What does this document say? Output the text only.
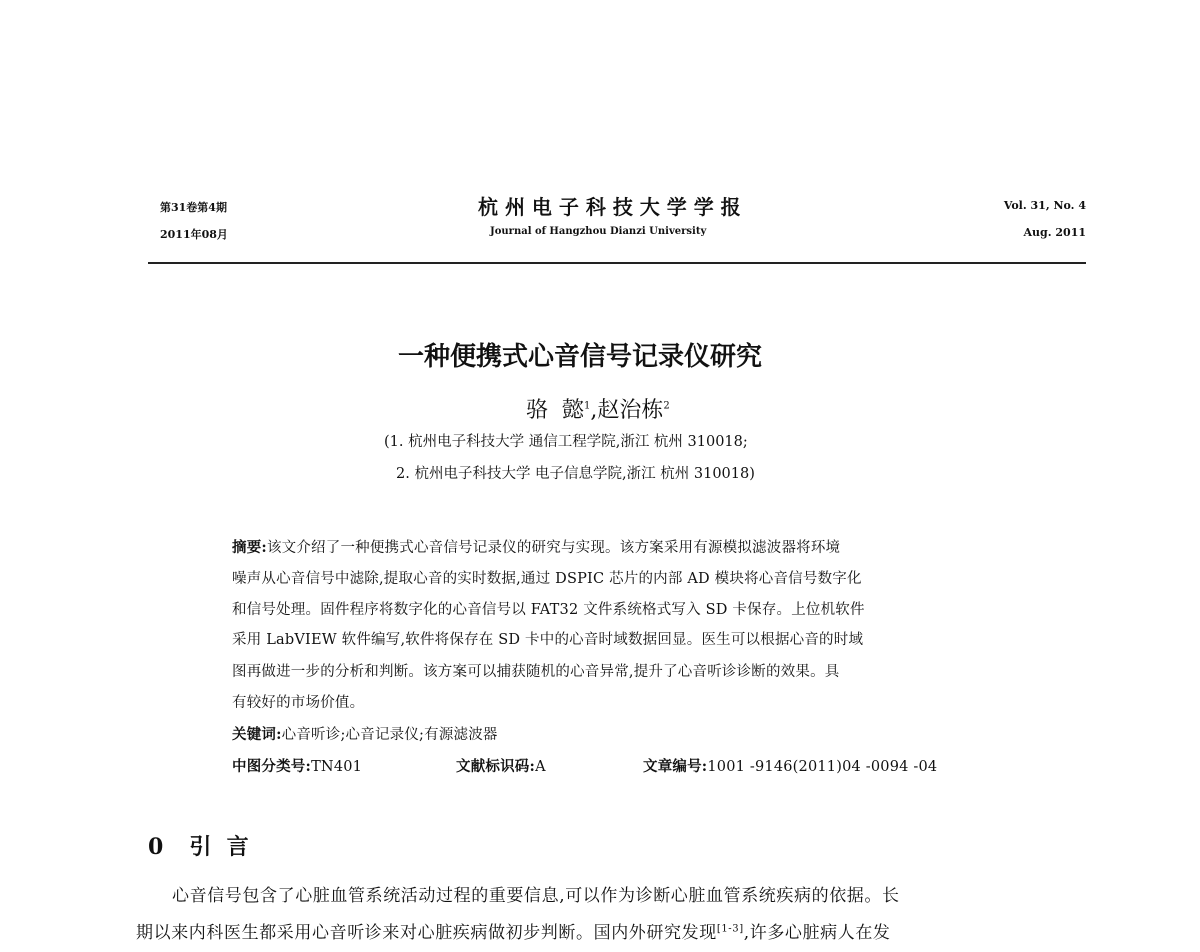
第31卷第4期
2011年08月
杭 州 电 子 科 技 大 学 学 报
Journal of Hangzhou Dianzi University
Vol. 31, No. 4
Aug. 2011
一种便携式心音信号记录仪研究
骆  懿$^1$,赵治栋$^2$
(1. 杭州电子科技大学 通信工程学院,浙江 杭州 310018;
2. 杭州电子科技大学 电子信息学院,浙江 杭州 310018)
摘要:该文介绍了一种便携式心音信号记录仪的研究与实现。该方案采用有源模拟滤波器将环境
噪声从心音信号中滤除,提取心音的实时数据,通过 DSPIC 芯片的内部 AD 模块将心音信号数字化
和信号处理。固件程序将数字化的心音信号以 FAT32 文件系统格式写入 SD 卡保存。上位机软件
采用 LabVIEW 软件编写,软件将保存在 SD 卡中的心音时域数据回显。医生可以根据心音的时域
图再做进一步的分析和判断。该方案可以捕获随机的心音异常,提升了心音听诊诊断的效果。具
有较好的市场价值。
关键词:心音听诊;心音记录仪;有源滤波器
中图分类号:TN401	文献标识码:A	文章编号:1001 -9146(2011)04 -0094 -04
0 引  言
心音信号包含了心脏血管系统活动过程的重要信息,可以作为诊断心脏血管系统疾病的依据。长
期以来内科医生都采用心音听诊来对心脏疾病做初步判断。国内外研究发现[1-3],许多心脏病人在发
